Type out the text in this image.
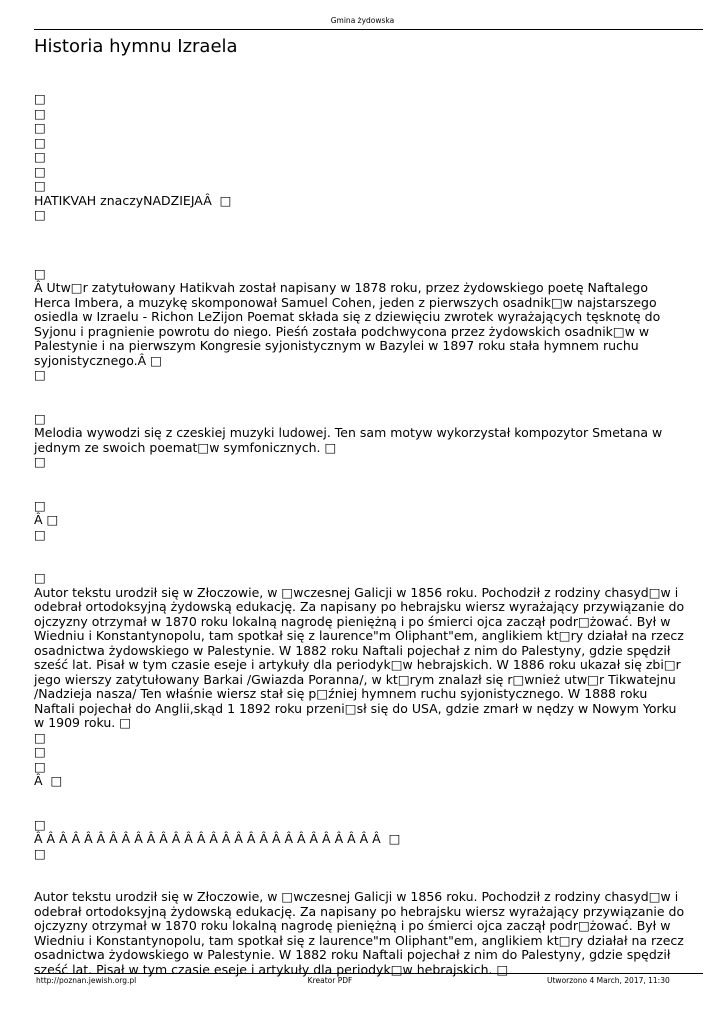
Gmina żydowska
Historia hymnu Izraela
□
□
□
□
□
□
□
HATIKVAH znaczyNADZIEJAÂ  □
□
□

Â Utw□r zatytułowany Hatikvah został napisany w 1878 roku, przez żydowskiego poetę Naftalego Herca Imbera, a muzykę skomponował Samuel Cohen, jeden z pierwszych osadnik□w najstarszego osiedla w Izraelu - Richon LeZijon Poemat składa się z dziewięciu zwrotek wyrażających tęsknotę do Syjonu i pragnienie powrotu do niego. Pieśń została podchwycona przez żydowskich osadnik□w w Palestynie i na pierwszym Kongresie syjonistycznym w Bazylei w 1897 roku stała hymnem ruchu syjonistycznego.Â □

□
□

Melodia wywodzi się z czeskiej muzyki ludowej. Ten sam motyw wykorzystał kompozytor Smetana w jednym ze swoich poemat□w symfonicznych. □

□
□
Â □
□
□

Autor tekstu urodził się w Złoczowie, w □wczesnej Galicji w 1856 roku. Pochodził z rodziny chasyd□w i odebrał ortodoksyjną żydowską edukację. Za napisany po hebrajsku wiersz wyrażający przywiązanie do ojczyzny otrzymał w 1870 roku lokalną nagrodę pieniężną i po śmierci ojca zaczął podr□żować. Był w Wiedniu i Konstantynopolu, tam spotkał się z laurence"m Oliphant"em, anglikiem kt□ry działał na rzecz osadnictwa żydowskiego w Palestynie. W 1882 roku Naftali pojechał z nim do Palestyny, gdzie spędził sześć lat. Pisał w tym czasie eseje i artykuły dla periodyk□w hebrajskich. W 1886 roku ukazał się zbi□r jego wierszy zatytułowany Barkai /Gwiazda Poranna/, w kt□rym znalazł się r□wnież utw□r Tikwatejnu /Nadzieja nasza/ Ten właśnie wiersz stał się p□źniej hymnem ruchu syjonistycznego. W 1888 roku Naftali pojechał do Anglii,skąd 1 1892 roku przeni□sł się do USA, gdzie zmarł w nędzy w Nowym Yorku w 1909 roku. □

□
□
□
Â  □
□
Â Â Â Â Â Â Â Â Â Â Â Â Â Â Â Â Â Â Â Â Â Â Â Â Â Â Â Â  □
□

Autor tekstu urodził się w Złoczowie, w □wczesnej Galicji w 1856 roku. Pochodził z rodziny chasyd□w i odebrał ortodoksyjną żydowską edukację. Za napisany po hebrajsku wiersz wyrażający przywiązanie do ojczyzny otrzymał w 1870 roku lokalną nagrodę pieniężną i po śmierci ojca zaczął podr□żować. Był w Wiedniu i Konstantynopolu, tam spotkał się z laurence"m Oliphant"em, anglikiem kt□ry działał na rzecz osadnictwa żydowskiego w Palestynie. W 1882 roku Naftali pojechał z nim do Palestyny, gdzie spędził sześć lat. Pisał w tym czasie eseje i artykuły dla periodyk□w hebrajskich. □

http://poznan.jewish.org.pl	Kreator PDF	Utworzono 4 March, 2017, 11:30
